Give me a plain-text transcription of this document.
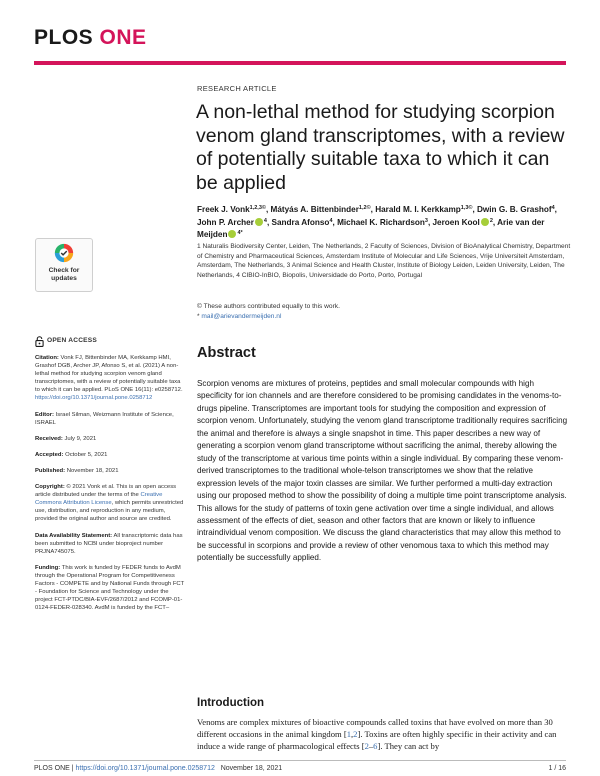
PLOS ONE
RESEARCH ARTICLE
A non-lethal method for studying scorpion venom gland transcriptomes, with a review of potentially suitable taxa to which it can be applied
Freek J. Vonk$^{1,2,3©}$, Mátyás A. Bittenbinder$^{1,2©}$, Harald M. I. Kerkkamp$^{1,3©}$, Dwin G. B. Grashof$^4$, John P. Archer $^4$, Sandra Afonso$^4$, Michael K. Richardson$^3$, Jeroen Kool $^2$, Arie van der Meijden $^{4*}$
1 Naturalis Biodiversity Center, Leiden, The Netherlands, 2 Faculty of Sciences, Division of BioAnalytical Chemistry, Department of Chemistry and Pharmaceutical Sciences, Amsterdam Institute of Molecular and Life Sciences, Vrije Universiteit Amsterdam, Amsterdam, The Netherlands, 3 Animal Science and Health Cluster, Institute of Biology Leiden, Leiden University, Leiden, The Netherlands, 4 CIBIO-InBIO, Biopolis, Universidade do Porto, Porto, Portugal
© These authors contributed equally to this work.
* mail@arievandermeijden.nl
Abstract

Scorpion venoms are mixtures of proteins, peptides and small molecular compounds with high specificity for ion channels and are therefore considered to be promising candidates in the venoms-to-drugs pipeline. Transcriptomes are important tools for studying the composition and expression of scorpion venom. Unfortunately, studying the venom gland transcriptome traditionally requires sacrificing the animal and therefore is always a single snapshot in time. This paper describes a new way of generating a scorpion venom gland transcriptome without sacrificing the animal, thereby allowing the study of the transcriptome at various time points within a single individual. By comparing these venom-derived transcriptomes to the traditional whole-telson transcriptomes we show that the relative expression levels of the major toxin classes are similar. We further performed a multi-day extraction using our proposed method to show the possibility of doing a multiple time point transcriptome analysis. This allows for the study of patterns of toxin gene activation over time a single individual, and allows assessment of the effects of diet, season and other factors that are known or likely to influence intraindividual venom composition. We discuss the gland characteristics that may allow this method to be successful in scorpions and provide a review of other venomous taxa to which this method may potentially be successfully applied.

Introduction

Venoms are complex mixtures of bioactive compounds called toxins that have evolved on more than 30 different occasions in the animal kingdom [1,2]. Toxins are often highly specific in their activity and can induce a wide range of pharmacological effects [2–6]. They can act by

Check for
updates
OPEN ACCESS
Citation: Vonk FJ, Bittenbinder MA, Kerkkamp HMI, Grashof DGB, Archer JP, Afonso S, et al. (2021) A non-lethal method for studying scorpion venom gland transcriptomes, with a review of potentially suitable taxa to which it can be applied. PLoS ONE 16(11): e0258712. https://doi.org/10.1371/journal.pone.0258712
Editor: Israel Silman, Weizmann Institute of Science, ISRAEL
Received: July 9, 2021
Accepted: October 5, 2021
Published: November 18, 2021
Copyright: © 2021 Vonk et al. This is an open access article distributed under the terms of the Creative Commons Attribution License, which permits unrestricted use, distribution, and reproduction in any medium, provided the original author and source are credited.
Data Availability Statement: All transcriptomic data has been submitted to NCBI under bioproject number PRJNA745075.
Funding: This work is funded by FEDER funds to AvdM through the Operational Program for Competitiveness Factors - COMPETE and by National Funds through FCT - Foundation for Science and Technology under the project FCT-PTDC/BIA-EVF/2687/2012 and FCOMP-01-0124-FEDER-028340. AvdM is funded by the FCT–
PLOS ONE | https://doi.org/10.1371/journal.pone.0258712 November 18, 2021	1 / 16
